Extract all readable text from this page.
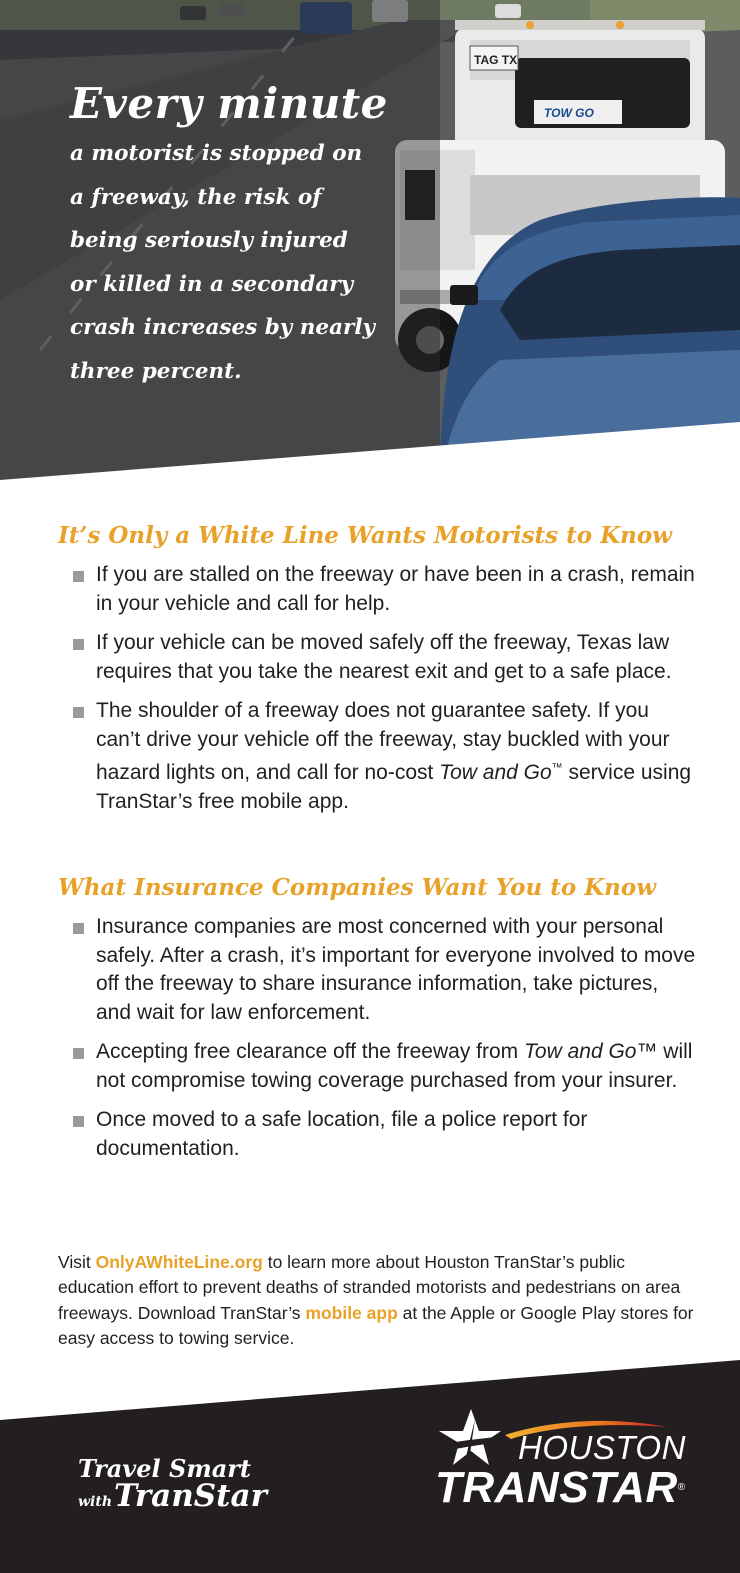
TAG TX
TOW GO
Every minute
a motorist is stopped on
a freeway, the risk of
being seriously injured
or killed in a secondary
crash increases by nearly
three percent.
It’s Only a White Line Wants Motorists to Know
If you are stalled on the freeway or have been in a crash, remain in your vehicle and call for help.
If your vehicle can be moved safely off the freeway, Texas law requires that you take the nearest exit and get to a safe place.
The shoulder of a freeway does not guarantee safety. If you can’t drive your vehicle off the freeway, stay buckled with your hazard lights on, and call for no-cost Tow and Go™ service using TranStar’s free mobile app.
What Insurance Companies Want You to Know
Insurance companies are most concerned with your personal safely. After a crash, it’s important for everyone involved to move off the freeway to share insurance information, take pictures, and wait for law enforcement.
Accepting free clearance off the freeway from Tow and Go™ will not compromise towing coverage purchased from your insurer.
Once moved to a safe location, file a police report for documentation.

Visit OnlyAWhiteLine.org to learn more about Houston TranStar’s public education effort to prevent deaths of stranded motorists and pedestrians on area freeways. Download TranStar’s mobile app at the Apple or Google Play stores for easy access to towing service.

Travel Smart
withTranStar
HOUSTON
TRANSTAR®
